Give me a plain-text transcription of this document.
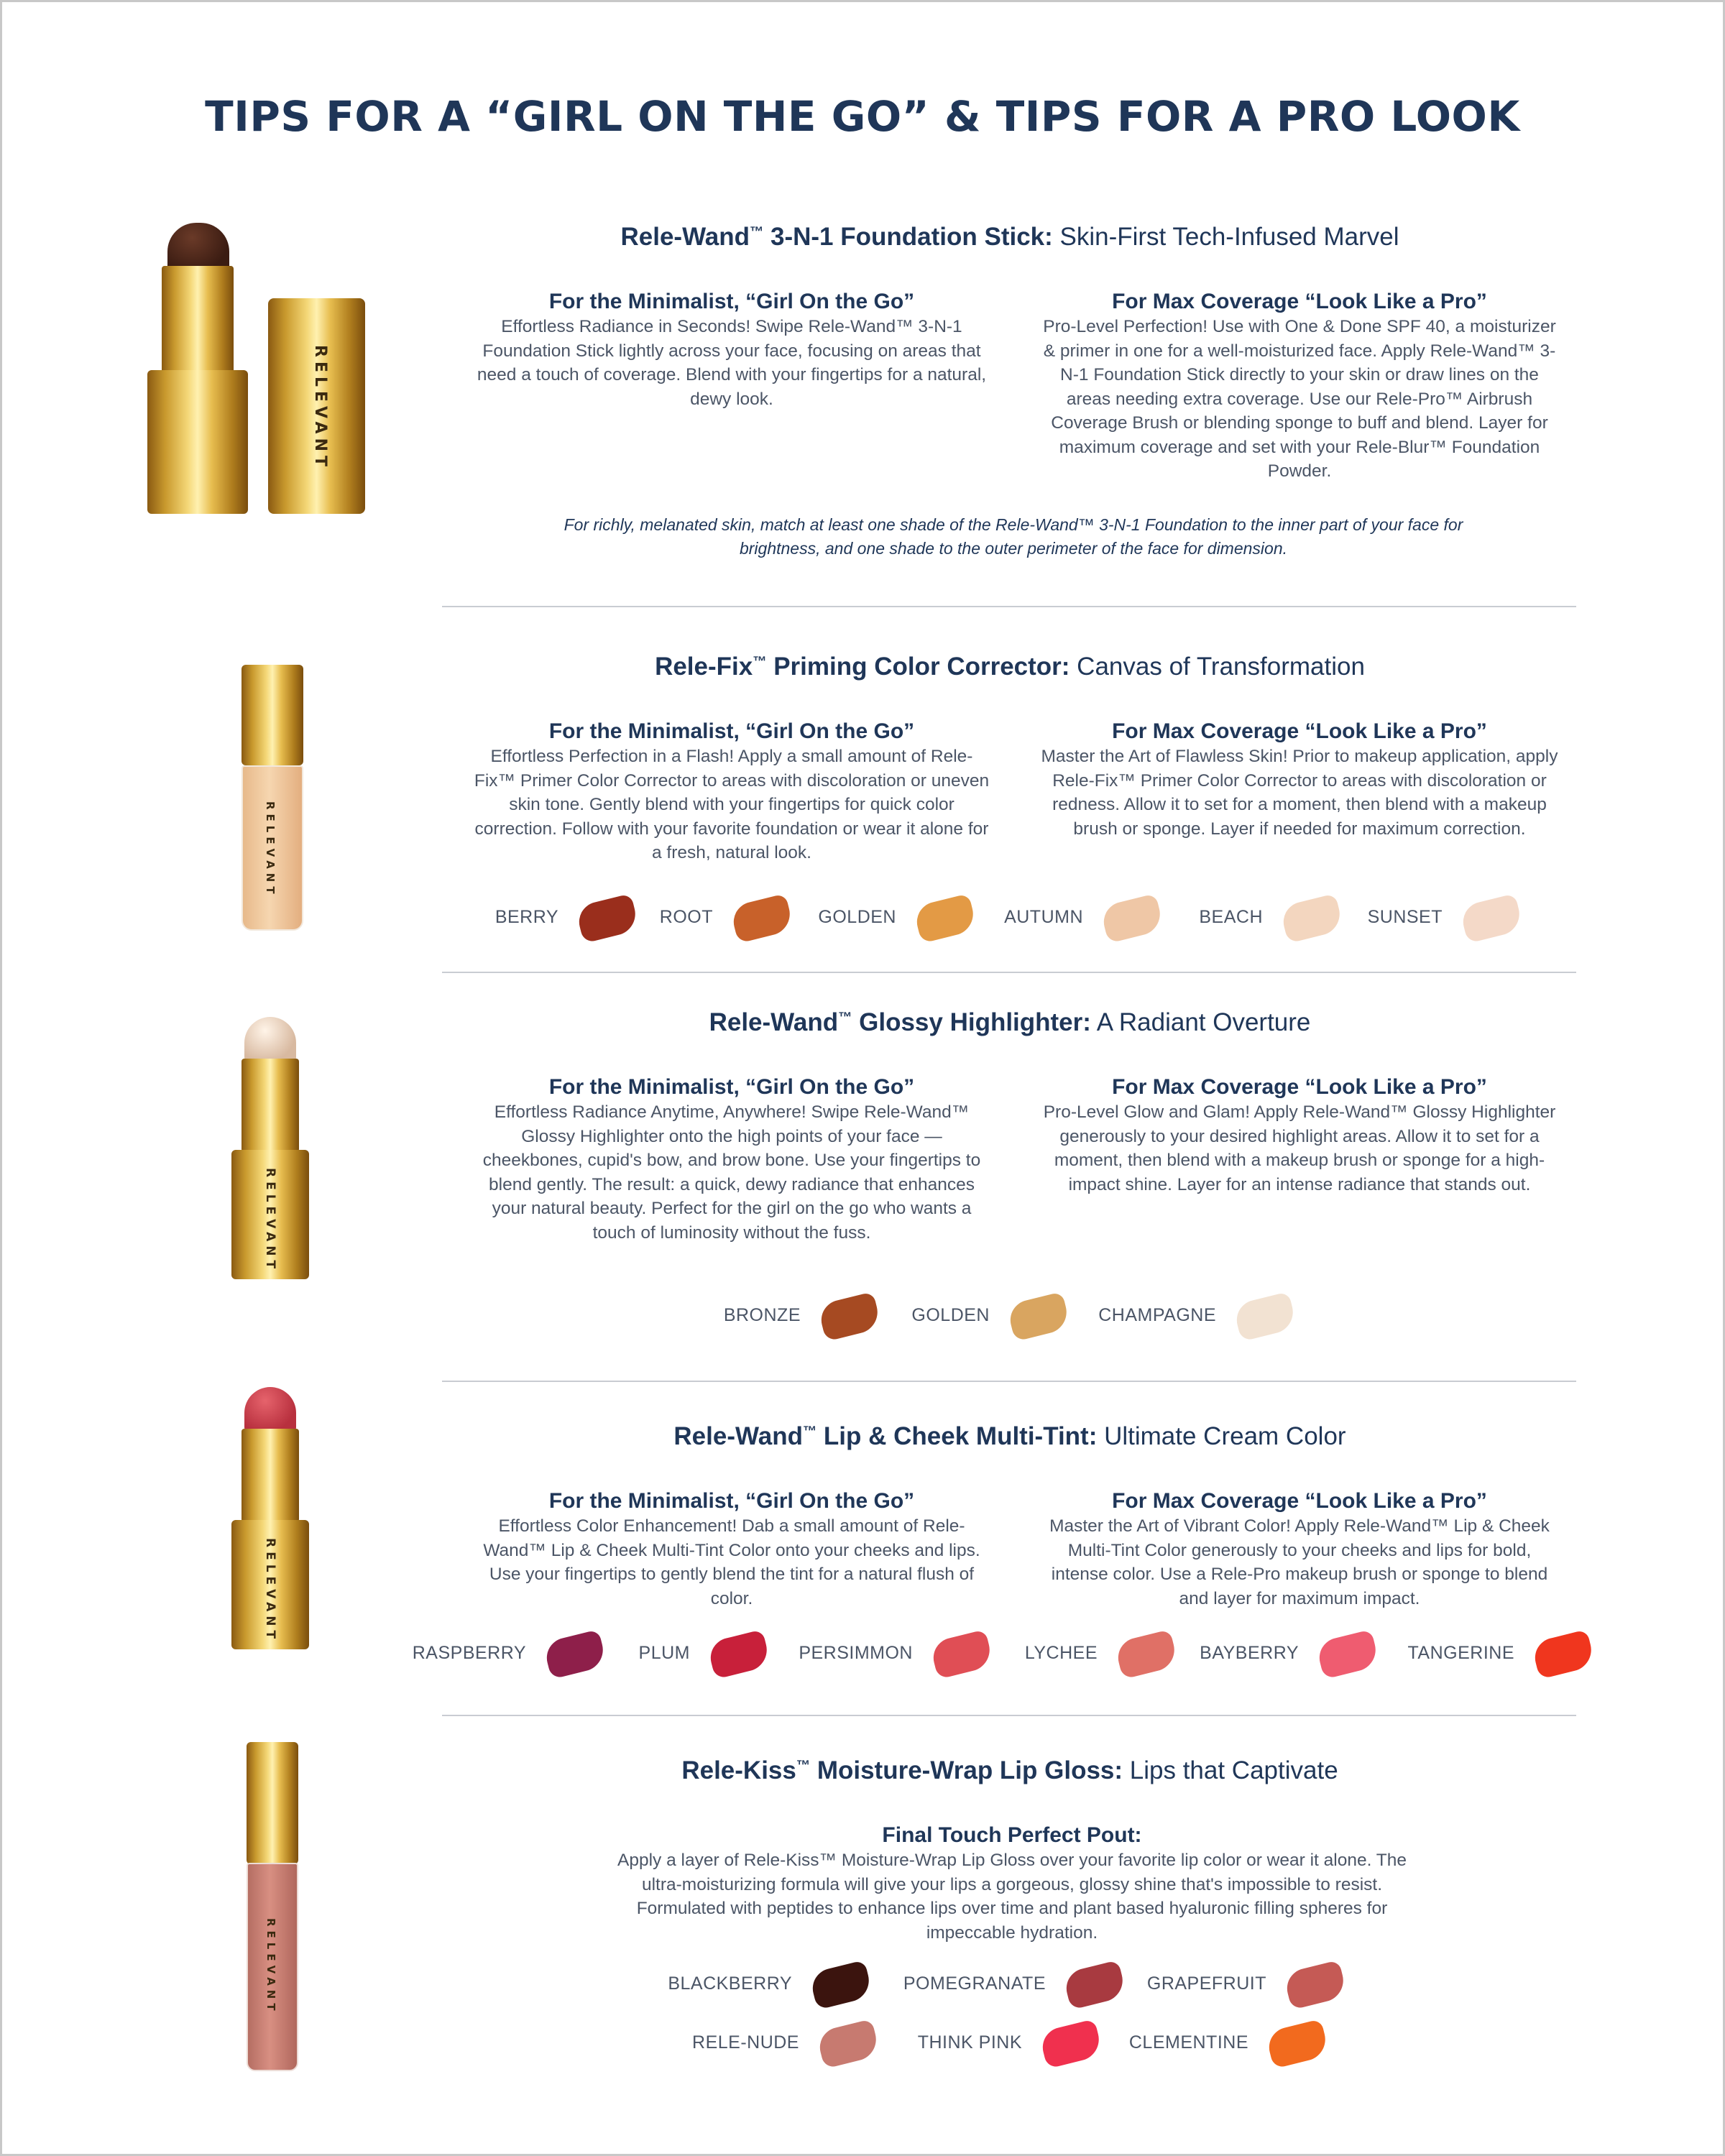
TIPS FOR A “GIRL ON THE GO” & TIPS FOR A PRO LOOK
RELEVANT
Rele-Wand™ 3-N-1 Foundation Stick: Skin-First Tech-Infused Marvel
For the Minimalist, “Girl On the Go”
Effortless Radiance in Seconds! Swipe Rele-Wand™ 3-N-1 Foundation Stick lightly across your face, focusing on areas that need a touch of coverage. Blend with your fingertips for a natural, dewy look.
For Max Coverage “Look Like a Pro”
Pro-Level Perfection! Use with One & Done SPF 40, a moisturizer & primer in one for a well-moisturized face. Apply Rele-Wand™ 3-N-1 Foundation Stick directly to your skin or draw lines on the areas needing extra coverage. Use our Rele-Pro™ Airbrush Coverage Brush or blending sponge to buff and blend. Layer for maximum coverage and set with your Rele-Blur™ Foundation Powder.
For richly, melanated skin, match at least one shade of the Rele-Wand™ 3-N-1 Foundation to the inner part of your face for brightness, and one shade to the outer perimeter of the face for dimension.
RELEVANT
Rele-Fix™ Priming Color Corrector: Canvas of Transformation
For the Minimalist, “Girl On the Go”
Effortless Perfection in a Flash! Apply a small amount of Rele-Fix™ Primer Color Corrector to areas with discoloration or uneven skin tone. Gently blend with your fingertips for quick color correction. Follow with your favorite foundation or wear it alone for a fresh, natural look.
For Max Coverage “Look Like a Pro”
Master the Art of Flawless Skin! Prior to makeup application, apply Rele-Fix™ Primer Color Corrector to areas with discoloration or redness. Allow it to set for a moment, then blend with a makeup brush or sponge. Layer if needed for maximum correction.
BERRY	ROOT	GOLDEN	AUTUMN	BEACH	SUNSET
RELEVANT
Rele-Wand™ Glossy Highlighter: A Radiant Overture
For the Minimalist, “Girl On the Go”
Effortless Radiance Anytime, Anywhere! Swipe Rele-Wand™ Glossy Highlighter onto the high points of your face —cheekbones, cupid's bow, and brow bone. Use your fingertips to blend gently. The result: a quick, dewy radiance that enhances your natural beauty. Perfect for the girl on the go who wants a touch of luminosity without the fuss.
For Max Coverage “Look Like a Pro”
Pro-Level Glow and Glam! Apply Rele-Wand™ Glossy Highlighter generously to your desired highlight areas. Allow it to set for a moment, then blend with a makeup brush or sponge for a high-impact shine. Layer for an intense radiance that stands out.
BRONZE	GOLDEN	CHAMPAGNE
RELEVANT
Rele-Wand™ Lip & Cheek Multi-Tint: Ultimate Cream Color
For the Minimalist, “Girl On the Go”
Effortless Color Enhancement! Dab a small amount of Rele-Wand™ Lip & Cheek Multi-Tint Color onto your cheeks and lips. Use your fingertips to gently blend the tint for a natural flush of color.
For Max Coverage “Look Like a Pro”
Master the Art of Vibrant Color! Apply Rele-Wand™ Lip & Cheek Multi-Tint Color generously to your cheeks and lips for bold, intense color. Use a Rele-Pro makeup brush or sponge to blend and layer for maximum impact.
RASPBERRY	PLUM	PERSIMMON	LYCHEE	BAYBERRY	TANGERINE
RELEVANT
Rele-Kiss™ Moisture-Wrap Lip Gloss: Lips that Captivate
Final Touch Perfect Pout:
Apply a layer of Rele-Kiss™ Moisture-Wrap Lip Gloss over your favorite lip color or wear it alone. The ultra-moisturizing formula will give your lips a gorgeous, glossy shine that's impossible to resist. Formulated with peptides to enhance lips over time and plant based hyaluronic filling spheres for impeccable hydration.
BLACKBERRY	POMEGRANATE	GRAPEFRUIT
RELE-NUDE	THINK PINK	CLEMENTINE
